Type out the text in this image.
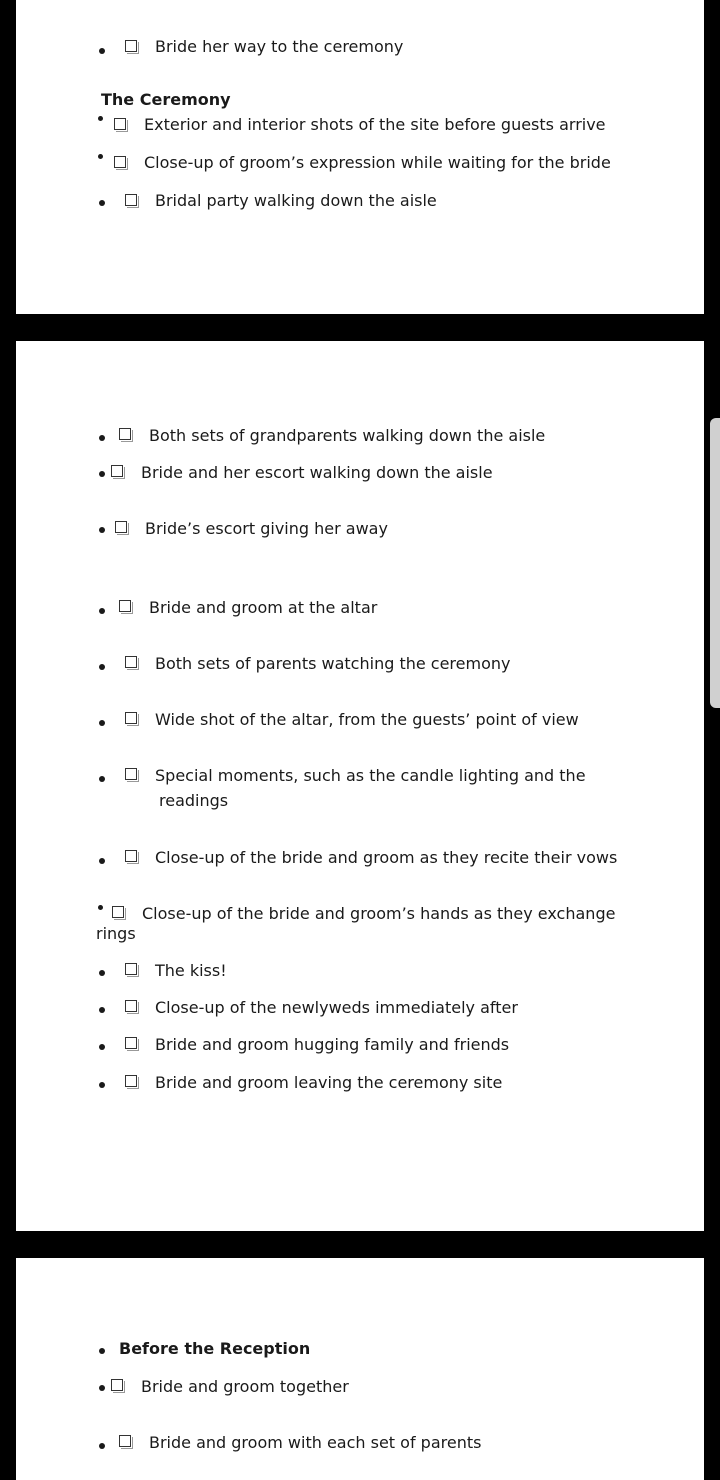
Bride her way to the ceremony
The Ceremony
Exterior and interior shots of the site before guests arrive
Close-up of groom’s expression while waiting for the bride
Bridal party walking down the aisle
Both sets of grandparents walking down the aisle
Bride and her escort walking down the aisle
Bride’s escort giving her away
Bride and groom at the altar
Both sets of parents watching the ceremony
Wide shot of the altar, from the guests’ point of view
Special moments, such as the candle lighting and the
readings
Close-up of the bride and groom as they recite their vows
Close-up of the bride and groom’s hands as they exchange
rings
The kiss!
Close-up of the newlyweds immediately after
Bride and groom hugging family and friends
Bride and groom leaving the ceremony site
Before the Reception
Bride and groom together
Bride and groom with each set of parents
